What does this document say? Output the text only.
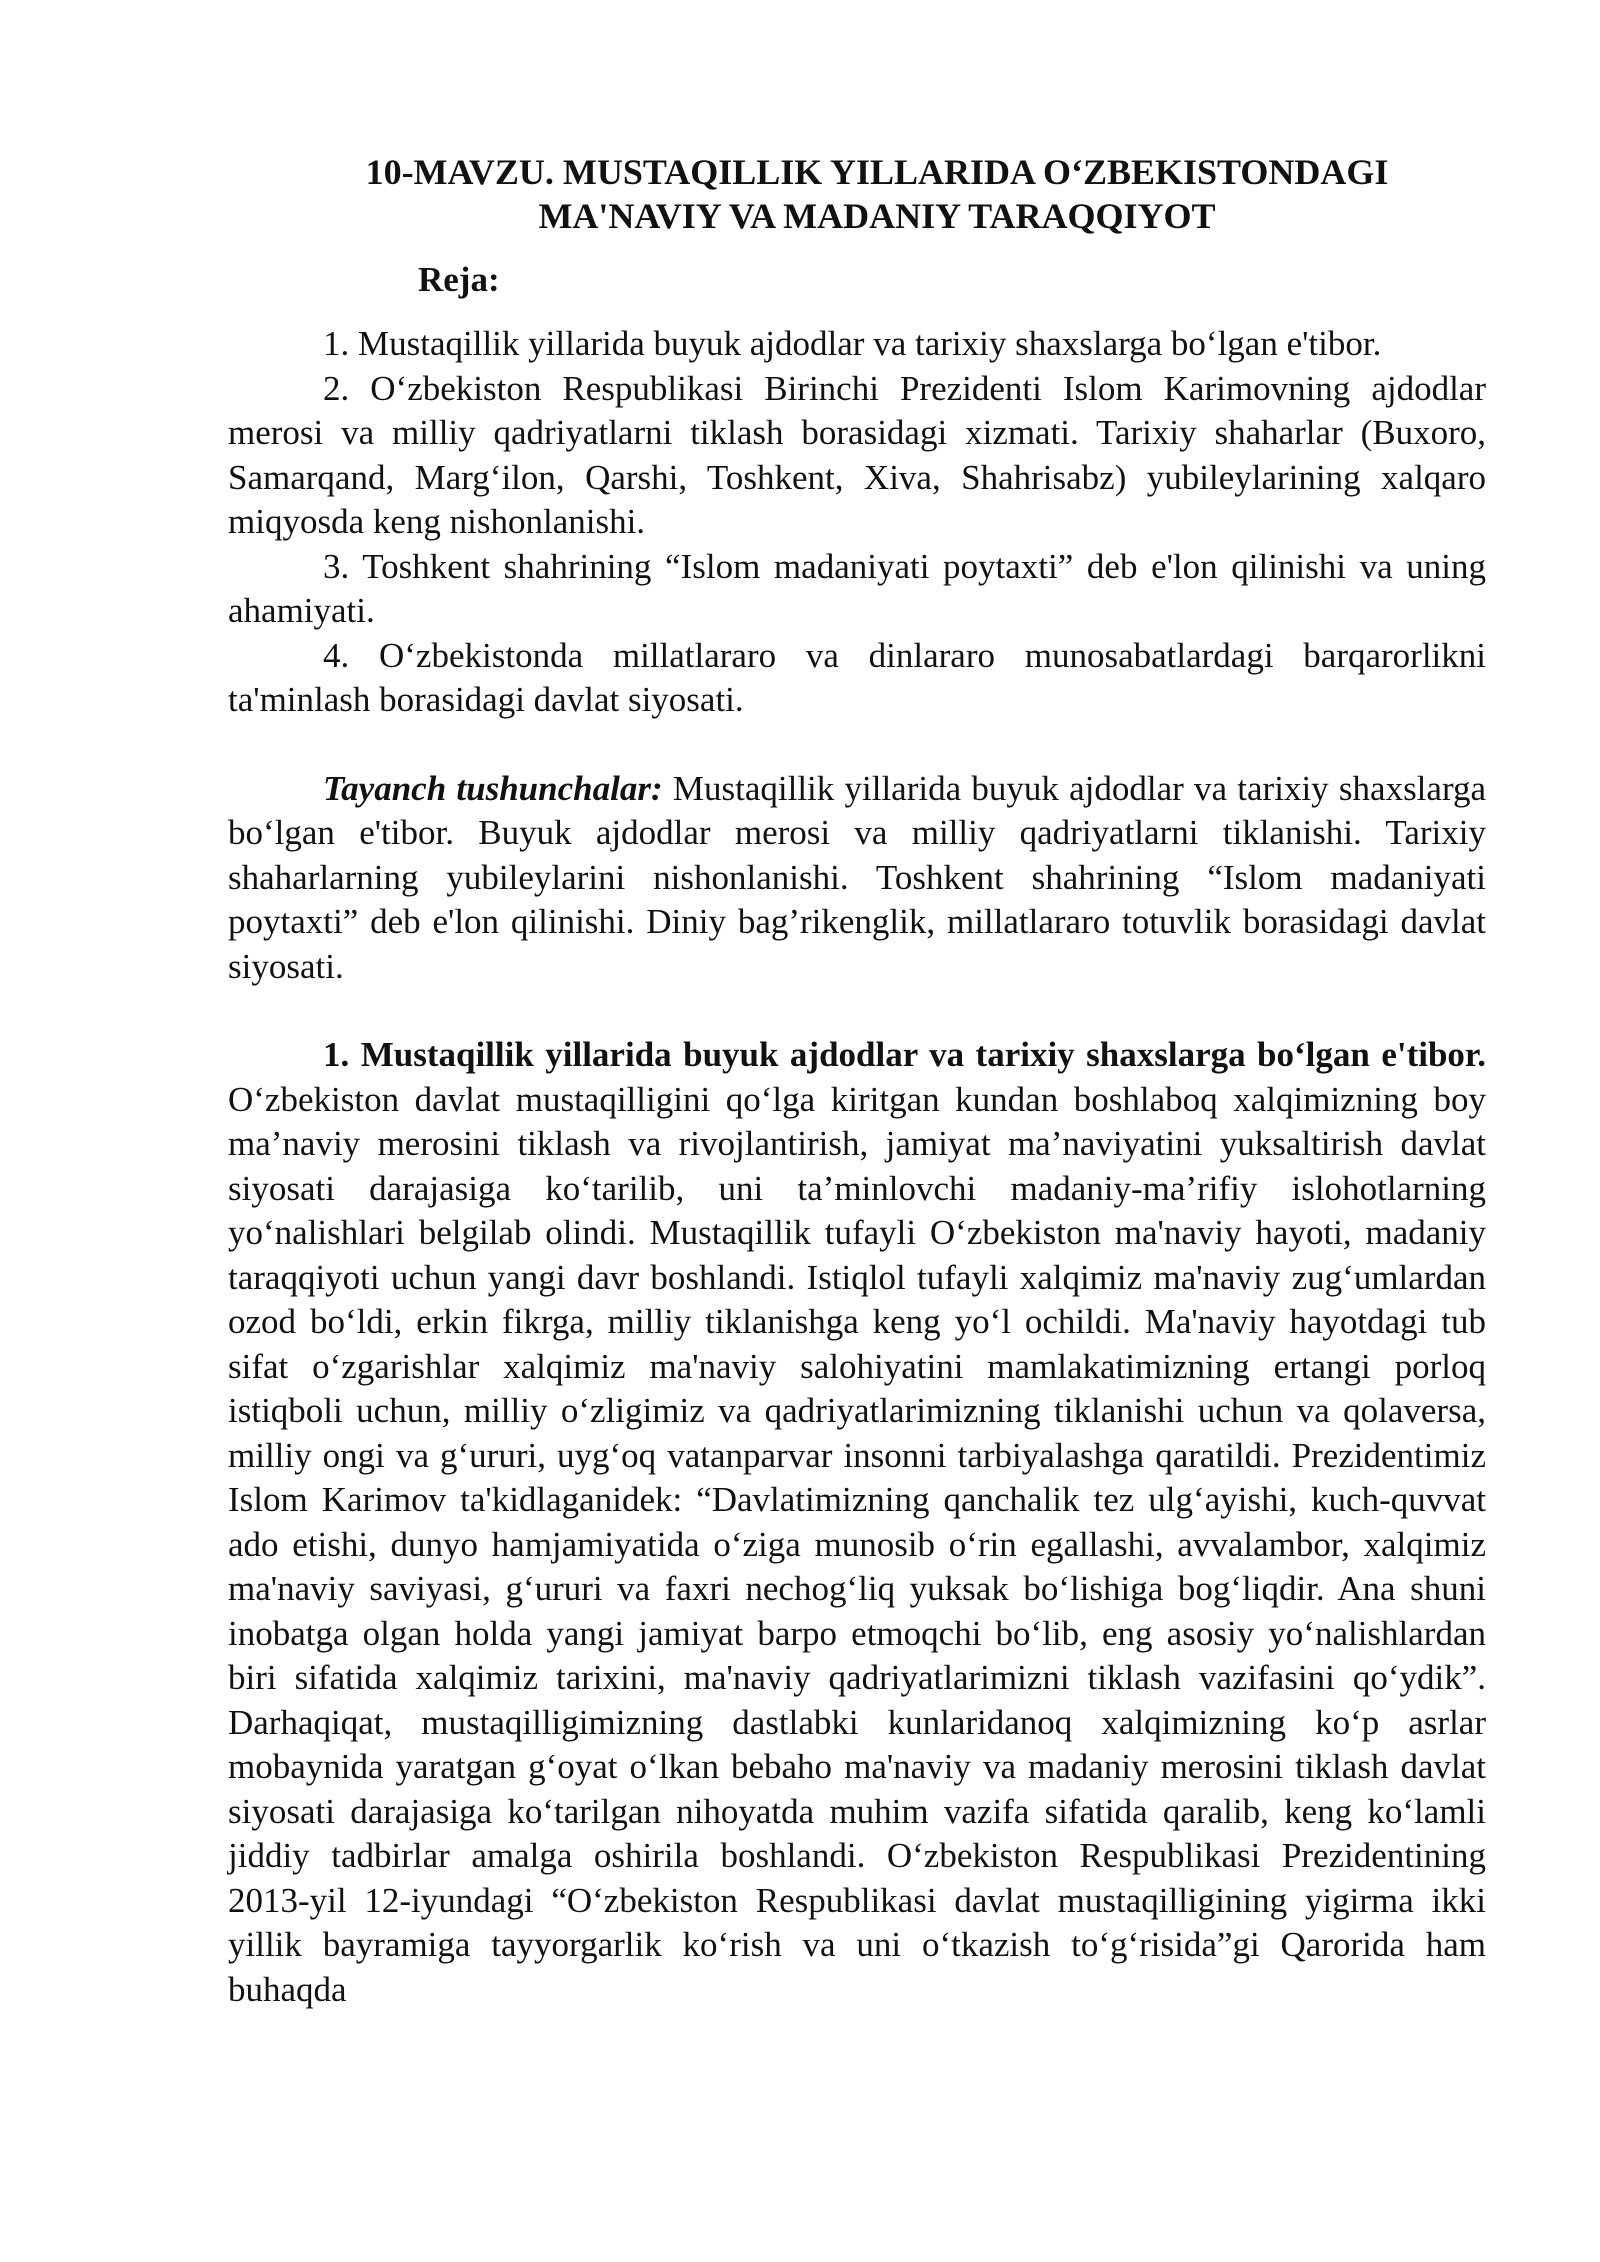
10-MAVZU. MUSTAQILLIK YILLARIDA O‘ZBEKISTONDAGI
MA'NAVIY VA MADANIY TARAQQIYOT
Reja:

1. Mustaqillik yillarida buyuk ajdodlar va tarixiy shaxslarga bo‘lgan e'tibor.

2. O‘zbekiston Respublikasi Birinchi Prezidenti Islom Karimovning ajdodlar merosi va milliy qadriyatlarni tiklash borasidagi xizmati. Tarixiy shaharlar (Buxoro, Samarqand, Marg‘ilon, Qarshi, Toshkent, Xiva, Shahrisabz) yubileylarining xalqaro miqyosda keng nishonlanishi.

3. Toshkent shahrining “Islom madaniyati poytaxti” deb e'lon qilinishi va uning ahamiyati.

4. O‘zbekistonda millatlararo va dinlararo munosabatlardagi barqarorlikni ta'minlash borasidagi davlat siyosati.

Tayanch tushunchalar: Mustaqillik yillarida buyuk ajdodlar va tarixiy shaxslarga bo‘lgan e'tibor. Buyuk ajdodlar merosi va milliy qadriyatlarni tiklanishi. Tarixiy shaharlarning yubileylarini nishonlanishi. Toshkent shahrining “Islom madaniyati poytaxti” deb e'lon qilinishi. Diniy bag’rikenglik, millatlararo totuvlik borasidagi davlat siyosati.

1. Mustaqillik yillarida buyuk ajdodlar va tarixiy shaxslarga bo‘lgan e'tibor. O‘zbekiston davlat mustaqilligini qo‘lga kiritgan kundan boshlaboq xalqimizning boy ma’naviy merosini tiklash va rivojlantirish, jamiyat ma’naviyatini yuksaltirish davlat siyosati darajasiga ko‘tarilib, uni ta’minlovchi madaniy-ma’rifiy islohotlarning yo‘nalishlari belgilab olindi. Mustaqillik tufayli O‘zbekiston ma'naviy hayoti, madaniy taraqqiyoti uchun yangi davr boshlandi. Istiqlol tufayli xalqimiz ma'naviy zug‘umlardan ozod bo‘ldi, erkin fikrga, milliy tiklanishga keng yo‘l ochildi. Ma'naviy hayotdagi tub sifat o‘zgarishlar xalqimiz ma'naviy salohiyatini mamlakatimizning ertangi porloq istiqboli uchun, milliy o‘zligimiz va qadriyatlarimizning tiklanishi uchun va qolaversa, milliy ongi va g‘ururi, uyg‘oq vatanparvar insonni tarbiyalashga qaratildi. Prezidentimiz Islom Karimov ta'kidlaganidek: “Davlatimizning qanchalik tez ulg‘ayishi, kuch-quvvat ado etishi, dunyo hamjamiyatida o‘ziga munosib o‘rin egallashi, avvalambor, xalqimiz ma'naviy saviyasi, g‘ururi va faxri nechog‘liq yuksak bo‘lishiga bog‘liqdir. Ana shuni inobatga olgan holda yangi jamiyat barpo etmoqchi bo‘lib, eng asosiy yo‘nalishlardan biri sifatida xalqimiz tarixini, ma'naviy qadriyatlarimizni tiklash vazifasini qo‘ydik”. Darhaqiqat, mustaqilligimizning dastlabki kunlaridanoq xalqimizning ko‘p asrlar mobaynida yaratgan g‘oyat o‘lkan bebaho ma'naviy va madaniy merosini tiklash davlat siyosati darajasiga ko‘tarilgan nihoyatda muhim vazifa sifatida qaralib, keng ko‘lamli jiddiy tadbirlar amalga oshirila boshlandi. O‘zbekiston Respublikasi Prezidentining 2013-yil 12-iyundagi “O‘zbekiston Respublikasi davlat mustaqilligining yigirma ikki yillik bayramiga tayyorgarlik ko‘rish va uni o‘tkazish to‘g‘risida”gi Qarorida ham buhaqda
